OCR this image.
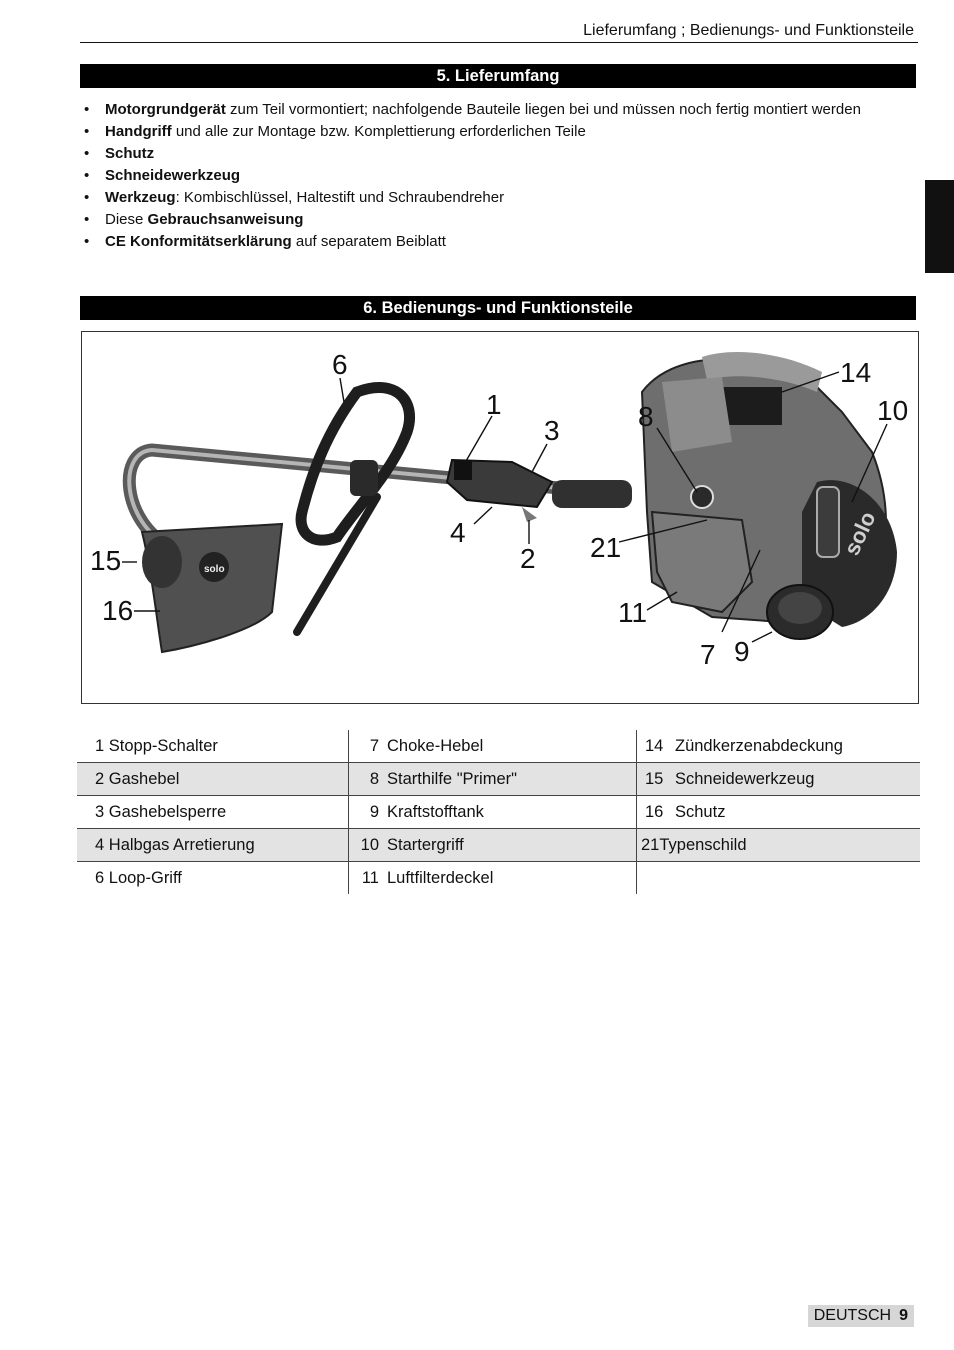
Lieferumfang ; Bedienungs- und Funktionsteile
5. Lieferumfang
• Motorgrundgerät zum Teil vormontiert; nachfolgende Bauteile liegen bei und müssen noch fertig montiert werden
• Handgriff und alle zur Montage bzw. Komplettierung erforderlichen Teile
• Schutz
• Schneidewerkzeug
• Werkzeug: Kombischlüssel, Haltestift und Schraubendreher
• Diese Gebrauchsanweisung
• CE Konformitätserklärung auf separatem Beiblatt
6. Bedienungs- und Funktionsteile
solo
solo
6
1
3	8
14
10
4
2 21
15
16	11
7 9
1 Stopp-Schalter	7 Choke-Hebel	14 Zündkerzenabdeckung
2 Gashebel	8 Starthilfe "Primer"	15 Schneidewerkzeug
3 Gashebelsperre	9 Kraftstofftank	16 Schutz
4 Halbgas Arretierung	10 Startergriff	21Typenschild
6 Loop-Griff	11 Luftfilterdeckel	
DEUTSCH 9
